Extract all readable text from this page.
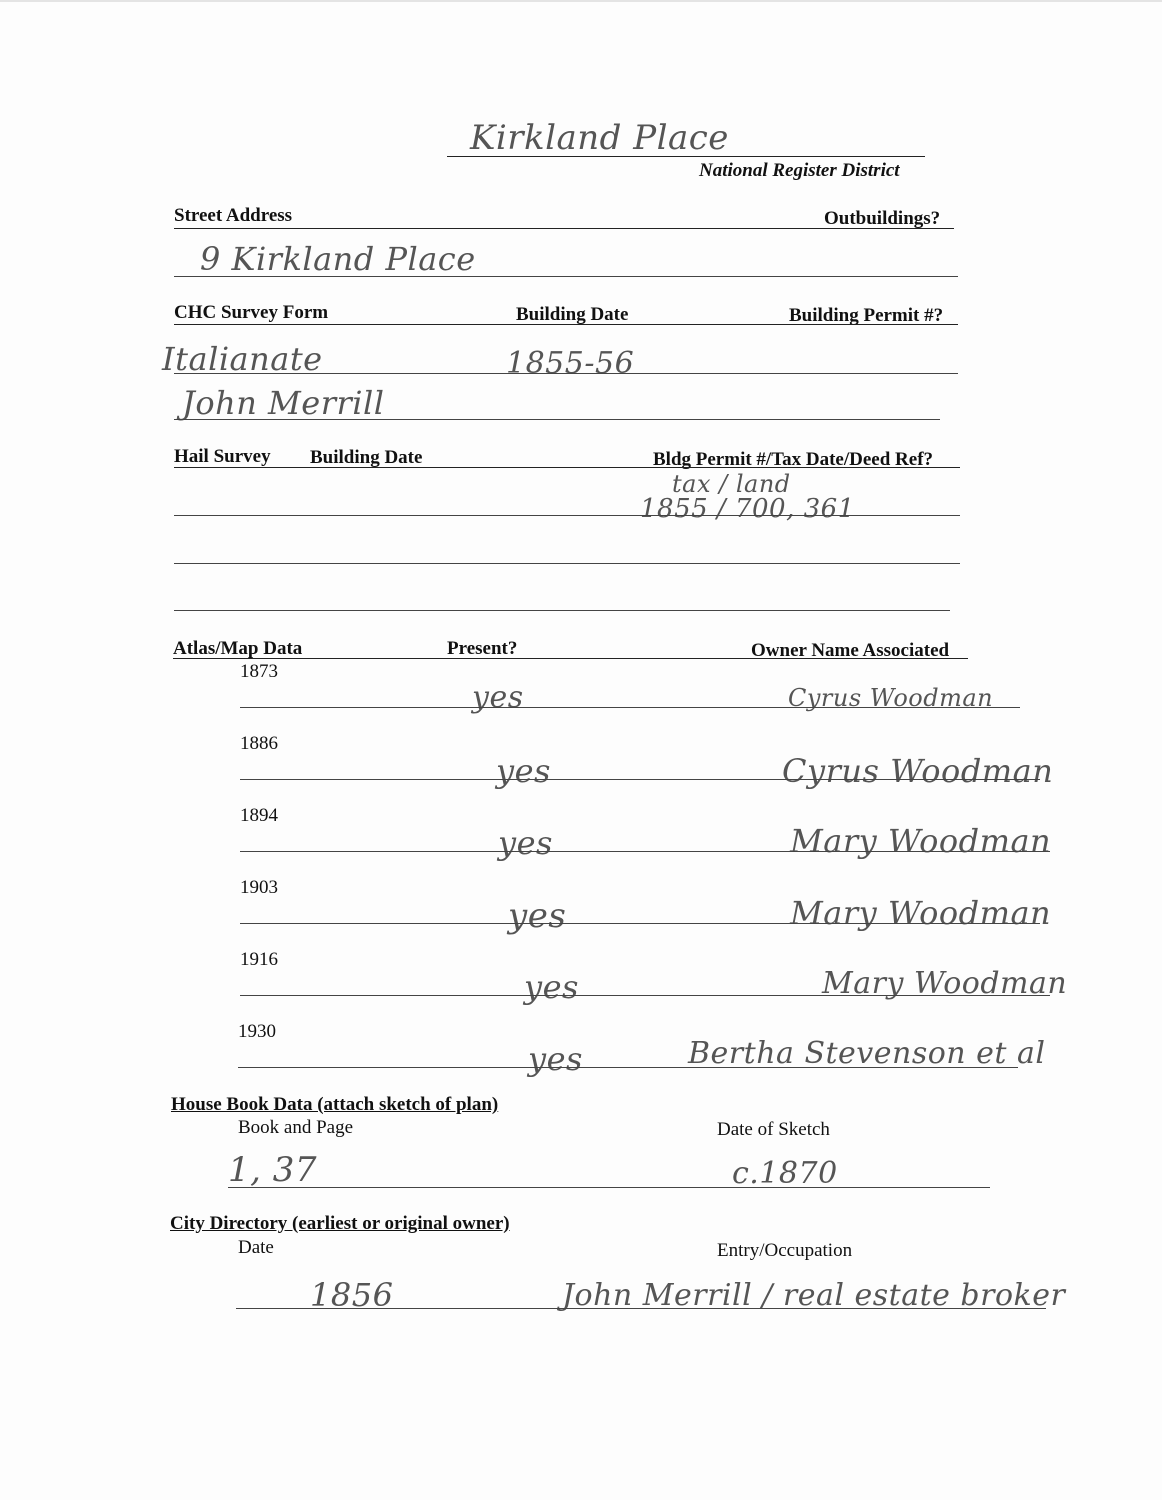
Kirkland Place
National Register District
Street Address	Outbuildings?
9 Kirkland Place
CHC Survey Form	Building Date	Building Permit #?
Italianate	1855-56
John Merrill
Hail Survey Building Date	Bldg Permit #/Tax Date/Deed Ref?
tax / land
1855 / 700, 361
Atlas/Map Data	Present?	Owner Name Associated
1873
yes	Cyrus Woodman
1886
yes	Cyrus Woodman
1894
yes	Mary Woodman
1903
yes	Mary Woodman
1916
yes	Mary Woodman
1930
yes	Bertha Stevenson et al
House Book Data (attach sketch of plan)
Book and Page	Date of Sketch
1, 37	c.1870
City Directory (earliest or original owner)
Date	Entry/Occupation
1856	John Merrill / real estate broker
